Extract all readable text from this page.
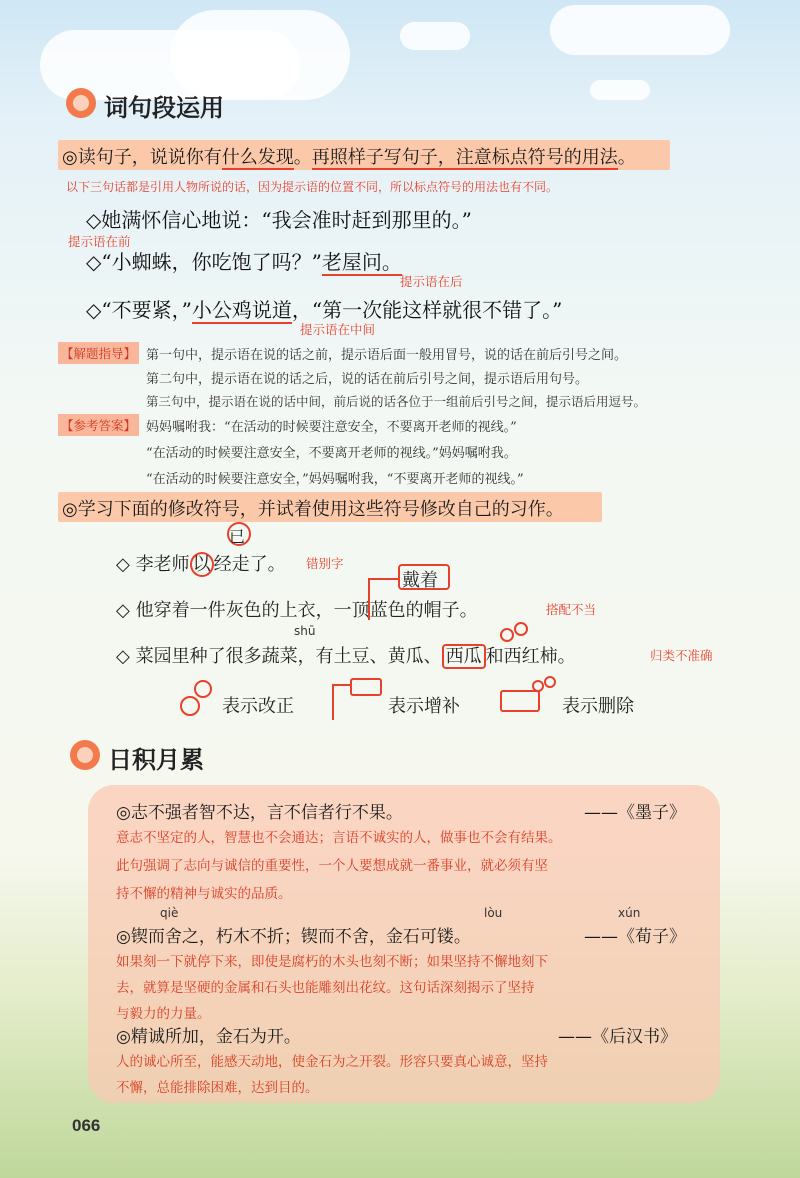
词句段运用
◎读句子，说说你有什么发现。再照样子写句子，注意标点符号的用法。
以下三句话都是引用人物所说的话，因为提示语的位置不同，所以标点符号的用法也有不同。
◇她满怀信心地说：“我会准时赶到那里的。”
提示语在前
◇“小蜘蛛，你吃饱了吗？”老屋问。
提示语在后
◇“不要紧，”小公鸡说道，“第一次能这样就很不错了。”
提示语在中间
【解题指导】 第一句中，提示语在说的话之前，提示语后面一般用冒号，说的话在前后引号之间。
第二句中，提示语在说的话之后，说的话在前后引号之间，提示语后用句号。
第三句中，提示语在说的话中间，前后说的话各位于一组前后引号之间，提示语后用逗号。
【参考答案】 妈妈嘱咐我：“在活动的时候要注意安全，不要离开老师的视线。”
“在活动的时候要注意安全，不要离开老师的视线。”妈妈嘱咐我。
“在活动的时候要注意安全，”妈妈嘱咐我，“不要离开老师的视线。”
◎学习下面的修改符号，并试着使用这些符号修改自己的习作。
◇ 李老师 以 经走了。
已
错别字
◇ 他穿着一件灰色的上衣，一顶蓝色的帽子。
戴着
搭配不当
shū
◇ 菜园里种了很多蔬菜，有土豆、黄瓜、 西瓜 和西红柿。	归类不准确
表示改正	表示增补	表示删除
日积月累
◎志不强者智不达，言不信者行不果。	——《墨子》
意志不坚定的人，智慧也不会通达；言语不诚实的人，做事也不会有结果。
此句强调了志向与诚信的重要性，一个人要想成就一番事业，就必须有坚
持不懈的精神与诚实的品质。
qiè	lòu	xún
◎锲而舍之，朽木不折；锲而不舍，金石可镂。	——《荀子》
如果刻一下就停下来，即使是腐朽的木头也刻不断；如果坚持不懈地刻下
去，就算是坚硬的金属和石头也能雕刻出花纹。这句话深刻揭示了坚持
与毅力的力量。
◎精诚所加，金石为开。	——《后汉书》
人的诚心所至，能感天动地，使金石为之开裂。形容只要真心诚意，坚持
不懈，总能排除困难，达到目的。
066
